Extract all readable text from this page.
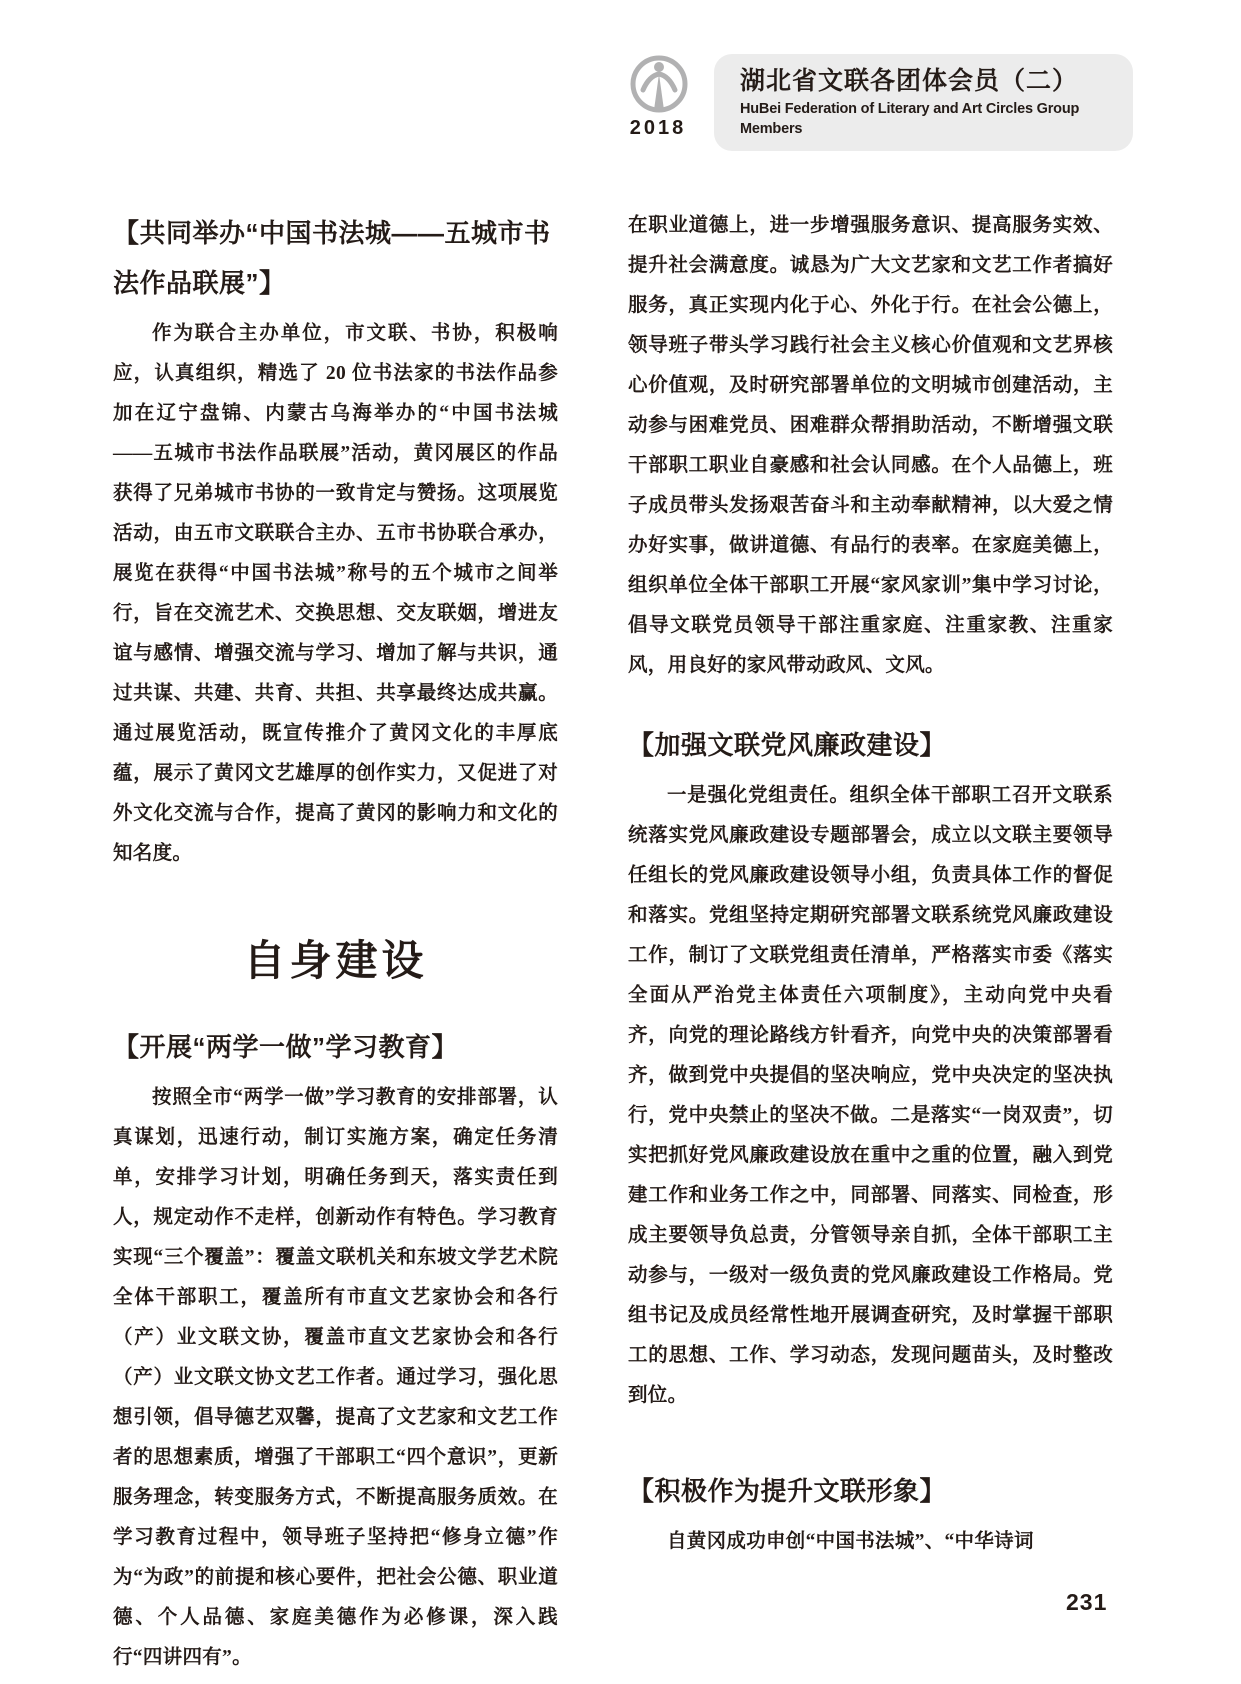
2018
湖北省文联各团体会员（二）
HuBei Federation of Literary and Art Circles Group Members
【共同举办“中国书法城——五城市书法作品联展”】
作为联合主办单位，市文联、书协，积极响应，认真组织，精选了 20 位书法家的书法作品参加在辽宁盘锦、内蒙古乌海举办的“中国书法城——五城市书法作品联展”活动，黄冈展区的作品获得了兄弟城市书协的一致肯定与赞扬。这项展览活动，由五市文联联合主办、五市书协联合承办，展览在获得“中国书法城”称号的五个城市之间举行，旨在交流艺术、交换思想、交友联姻，增进友谊与感情、增强交流与学习、增加了解与共识，通过共谋、共建、共育、共担、共享最终达成共赢。通过展览活动，既宣传推介了黄冈文化的丰厚底蕴，展示了黄冈文艺雄厚的创作实力，又促进了对外文化交流与合作，提高了黄冈的影响力和文化的知名度。
自身建设
【开展“两学一做”学习教育】
按照全市“两学一做”学习教育的安排部署，认真谋划，迅速行动，制订实施方案，确定任务清单，安排学习计划，明确任务到天，落实责任到人，规定动作不走样，创新动作有特色。学习教育实现“三个覆盖”：覆盖文联机关和东坡文学艺术院全体干部职工，覆盖所有市直文艺家协会和各行（产）业文联文协，覆盖市直文艺家协会和各行（产）业文联文协文艺工作者。通过学习，强化思想引领，倡导德艺双馨，提高了文艺家和文艺工作者的思想素质，增强了干部职工“四个意识”，更新服务理念，转变服务方式，不断提高服务质效。在学习教育过程中，领导班子坚持把“修身立德”作为“为政”的前提和核心要件，把社会公德、职业道德、个人品德、家庭美德作为必修课，深入践行“四讲四有”。
在职业道德上，进一步增强服务意识、提高服务实效、提升社会满意度。诚恳为广大文艺家和文艺工作者搞好服务，真正实现内化于心、外化于行。在社会公德上，领导班子带头学习践行社会主义核心价值观和文艺界核心价值观，及时研究部署单位的文明城市创建活动，主动参与困难党员、困难群众帮捐助活动，不断增强文联干部职工职业自豪感和社会认同感。在个人品德上，班子成员带头发扬艰苦奋斗和主动奉献精神，以大爱之情办好实事，做讲道德、有品行的表率。在家庭美德上，组织单位全体干部职工开展“家风家训”集中学习讨论，倡导文联党员领导干部注重家庭、注重家教、注重家风，用良好的家风带动政风、文风。
【加强文联党风廉政建设】
一是强化党组责任。组织全体干部职工召开文联系统落实党风廉政建设专题部署会，成立以文联主要领导任组长的党风廉政建设领导小组，负责具体工作的督促和落实。党组坚持定期研究部署文联系统党风廉政建设工作，制订了文联党组责任清单，严格落实市委《落实全面从严治党主体责任六项制度》，主动向党中央看齐，向党的理论路线方针看齐，向党中央的决策部署看齐，做到党中央提倡的坚决响应，党中央决定的坚决执行，党中央禁止的坚决不做。二是落实“一岗双责”，切实把抓好党风廉政建设放在重中之重的位置，融入到党建工作和业务工作之中，同部署、同落实、同检查，形成主要领导负总责，分管领导亲自抓，全体干部职工主动参与，一级对一级负责的党风廉政建设工作格局。党组书记及成员经常性地开展调查研究，及时掌握干部职工的思想、工作、学习动态，发现问题苗头，及时整改到位。
【积极作为提升文联形象】
自黄冈成功申创“中国书法城”、“中华诗词
231
